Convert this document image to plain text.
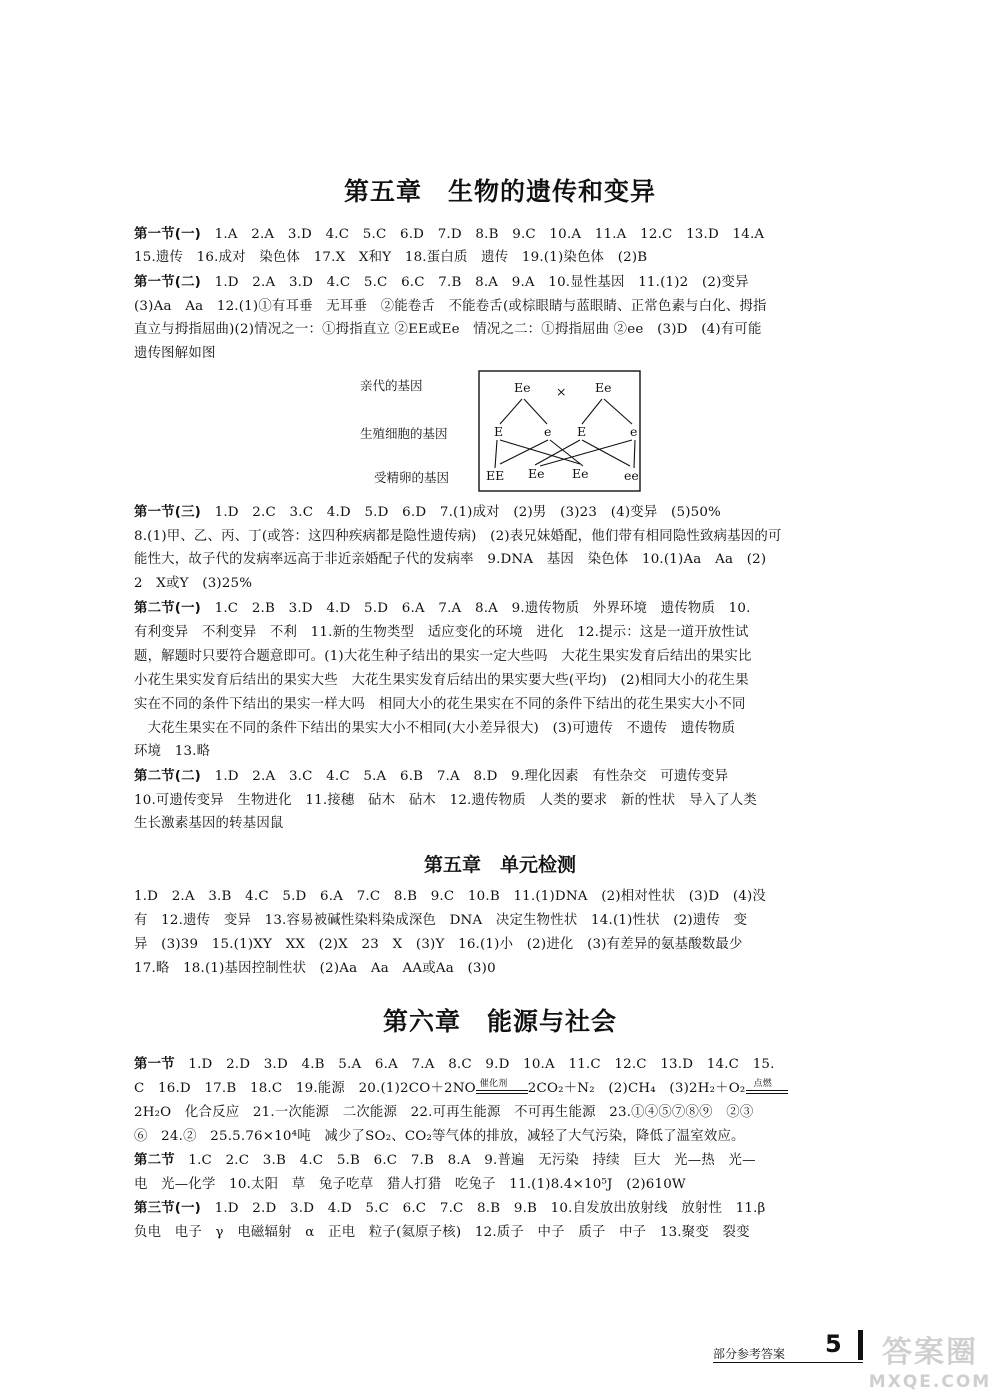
第五章　生物的遗传和变异
第一节(一)　 1.A　2.A　3.D　4.C　5.C　6.D　7.D　8.B　9.C　10.A　11.A　12.C　13.D　14.A
15.遗传　16.成对　染色体　17.X　X和Y　18.蛋白质　遗传　19.(1)染色体　(2)B
第一节(二)　 1.D　2.A　3.D　4.C　5.C　6.C　7.B　8.A　9.A　10.显性基因　11.(1)2　(2)变异
(3)Aa　Aa　12.(1)①有耳垂　无耳垂　②能卷舌　不能卷舌(或棕眼睛与蓝眼睛、正常色素与白化、拇指
直立与拇指屈曲)(2)情况之一：①拇指直立 ②EE或Ee　情况之二：①拇指屈曲 ②ee　(3)D　(4)有可能
遗传图解如图
亲代的基因
生殖细胞的基因
受精卵的基因
Ee × Ee
E	e E	e
EE Ee Ee	ee
第一节(三)　 1.D　2.C　3.C　4.D　5.D　6.D　7.(1)成对　(2)男　(3)23　(4)变异　(5)50%
8.(1)甲、乙、丙、丁(或答：这四种疾病都是隐性遗传病)　(2)表兄妹婚配，他们带有相同隐性致病基因的可
能性大，故子代的发病率远高于非近亲婚配子代的发病率　9.DNA　基因　染色体　10.(1)Aa　Aa　(2)
2　X或Y　(3)25%
第二节(一)　 1.C　2.B　3.D　4.D　5.D　6.A　7.A　8.A　9.遗传物质　外界环境　遗传物质　10.
有利变异　不利变异　不利　11.新的生物类型　适应变化的环境　进化　12.提示：这是一道开放性试
题，解题时只要符合题意即可。(1)大花生种子结出的果实一定大些吗　大花生果实发育后结出的果实比
小花生果实发育后结出的果实大些　大花生果实发育后结出的果实要大些(平均)　(2)相同大小的花生果
实在不同的条件下结出的果实一样大吗　相同大小的花生果实在不同的条件下结出的花生果实大小不同
　大花生果实在不同的条件下结出的果实大小不相同(大小差异很大)　(3)可遗传　不遗传　遗传物质
环境　13.略
第二节(二)　 1.D　2.A　3.C　4.C　5.A　6.B　7.A　8.D　9.理化因素　有性杂交　可遗传变异
10.可遗传变异　生物进化　11.接穗　砧木　砧木　12.遗传物质　人类的要求　新的性状　导入了人类
生长激素基因的转基因鼠
第五章　单元检测
1.D　2.A　3.B　4.C　5.D　6.A　7.C　8.B　9.C　10.B　11.(1)DNA　(2)相对性状　(3)D　(4)没
有　12.遗传　变异　13.容易被碱性染料染成深色　DNA　决定生物性状　14.(1)性状　(2)遗传　变
异　(3)39　15.(1)XY　XX　(2)X　23　X　(3)Y　16.(1)小　(2)进化　(3)有差异的氨基酸数最少
17.略　18.(1)基因控制性状　(2)Aa　Aa　AA或Aa　(3)0
第六章　能源与社会
第一节　 1.D　2.D　3.D　4.B　5.A　6.A　7.A　8.C　9.D　10.A　11.C　12.C　13.D　14.C　15.
C　16.D　17.B　18.C　19.能源　20.(1)2CO＋2NO 催化剂 2CO₂＋N₂　(2)CH₄　(3)2H₂＋O₂ 点燃
2H₂O　化合反应　21.一次能源　二次能源　22.可再生能源　不可再生能源　23.①④⑤⑦⑧⑨　②③
⑥　24.②　25.5.76×10⁴吨　减少了SO₂、CO₂等气体的排放，减轻了大气污染，降低了温室效应。
第二节　 1.C　2.C　3.B　4.C　5.B　6.C　7.B　8.A　9.普遍　无污染　持续　巨大　光—热　光—
电　光—化学　10.太阳　草　兔子吃草　猎人打猎　吃兔子　11.(1)8.4×10⁵J　(2)610W
第三节(一)　 1.D　2.D　3.D　4.D　5.C　6.C　7.C　8.B　9.B　10.自发放出放射线　放射性　11.β
负电　电子　γ　电磁辐射　α　正电　粒子(氦原子核)　12.质子　中子　质子　中子　13.聚变　裂变
部分参考答案 5	答案圈
MXQE.COM
